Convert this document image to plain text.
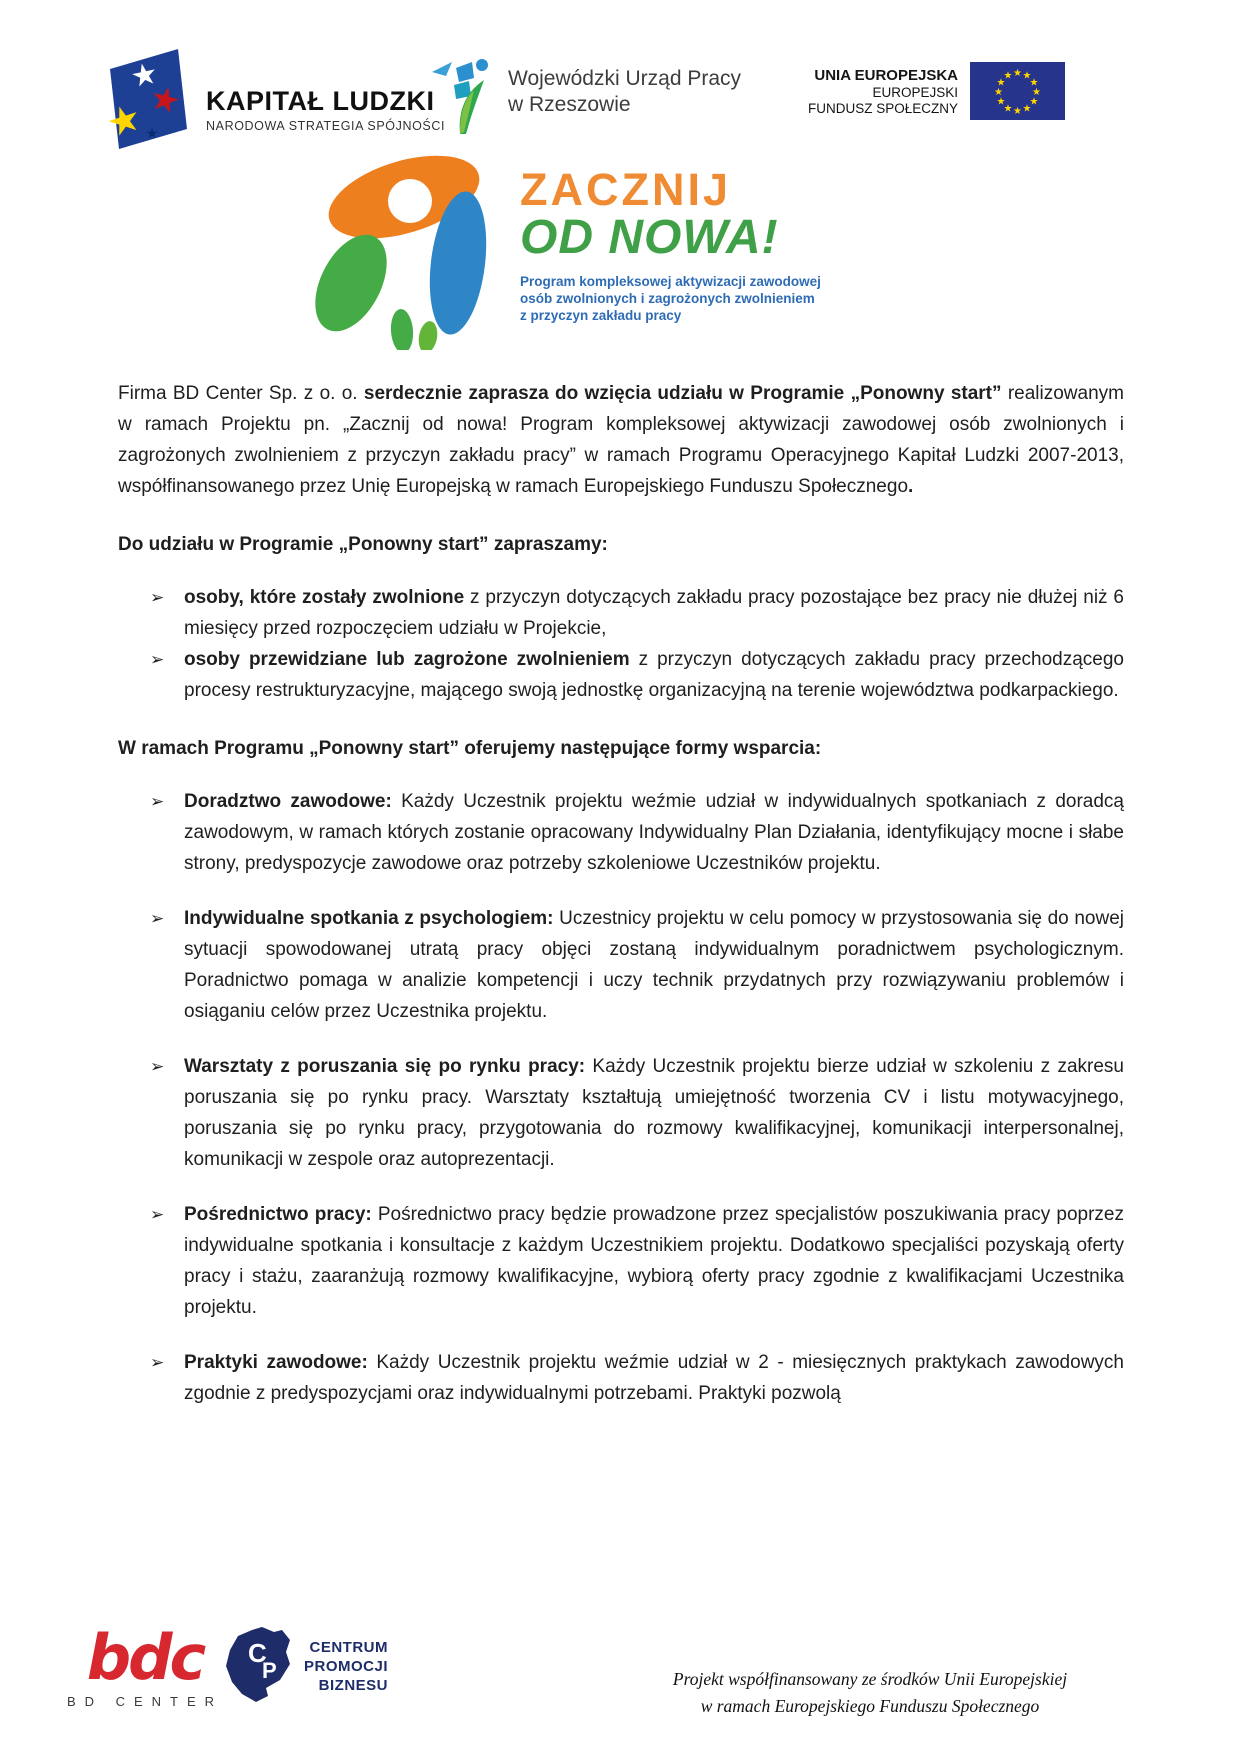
★
★
★
★
KAPITAŁ LUDZKI
NARODOWA STRATEGIA SPÓJNOŚCI
Wojewódzki Urząd Pracy
w Rzeszowie
UNIA EUROPEJSKA
EUROPEJSKI
FUNDUSZ SPOŁECZNY
★ ★
★
★
★
★
★
★
★
★
★
★
ZACZNIJ
OD NOWA!
Program kompleksowej aktywizacji zawodowej
osób zwolnionych i zagrożonych zwolnieniem
z przyczyn zakładu pracy

Firma BD Center Sp. z o. o. serdecznie zaprasza do wzięcia udziału w Programie „Ponowny start” realizowanym w ramach Projektu pn. „Zacznij od nowa! Program kompleksowej aktywizacji zawodowej osób zwolnionych i zagrożonych zwolnieniem z przyczyn zakładu pracy” w ramach Programu Operacyjnego Kapitał Ludzki 2007-2013, współfinansowanego przez Unię Europejską w ramach Europejskiego Funduszu Społecznego.

Do udziału w Programie „Ponowny start” zapraszamy:

➢ osoby, które zostały zwolnione z przyczyn dotyczących zakładu pracy pozostające bez pracy nie dłużej niż 6 miesięcy przed rozpoczęciem udziału w Projekcie,
➢ osoby przewidziane lub zagrożone zwolnieniem z przyczyn dotyczących zakładu pracy przechodzącego procesy restrukturyzacyjne, mającego swoją jednostkę organizacyjną na terenie województwa podkarpackiego.

W ramach Programu „Ponowny start” oferujemy następujące formy wsparcia:

➢ Doradztwo zawodowe: Każdy Uczestnik projektu weźmie udział w indywidualnych spotkaniach z doradcą zawodowym, w ramach których zostanie opracowany Indywidualny Plan Działania, identyfikujący mocne i słabe strony, predyspozycje zawodowe oraz potrzeby szkoleniowe Uczestników projektu.
➢ Indywidualne spotkania z psychologiem: Uczestnicy projektu w celu pomocy w przystosowania się do nowej sytuacji spowodowanej utratą pracy objęci zostaną indywidualnym poradnictwem psychologicznym. Poradnictwo pomaga w analizie kompetencji i uczy technik przydatnych przy rozwiązywaniu problemów i osiąganiu celów przez Uczestnika projektu.
➢ Warsztaty z poruszania się po rynku pracy: Każdy Uczestnik projektu bierze udział w szkoleniu z zakresu poruszania się po rynku pracy. Warsztaty kształtują umiejętność tworzenia CV i listu motywacyjnego, poruszania się po rynku pracy, przygotowania do rozmowy kwalifikacyjnej, komunikacji interpersonalnej, komunikacji w zespole oraz autoprezentacji.
➢ Pośrednictwo pracy: Pośrednictwo pracy będzie prowadzone przez specjalistów poszukiwania pracy poprzez indywidualne spotkania i konsultacje z każdym Uczestnikiem projektu. Dodatkowo specjaliści pozyskają oferty pracy i stażu, zaaranżują rozmowy kwalifikacyjne, wybiorą oferty pracy zgodnie z kwalifikacjami Uczestnika projektu.
➢ Praktyki zawodowe: Każdy Uczestnik projektu weźmie udział w 2 - miesięcznych praktykach zawodowych zgodnie z predyspozycjami oraz indywidualnymi potrzebami. Praktyki pozwolą
bdc
BD CENTER
C
P
CENTRUM
PROMOCJI
BIZNESU	Projekt współfinansowany ze środków Unii Europejskiej
w ramach Europejskiego Funduszu Społecznego
